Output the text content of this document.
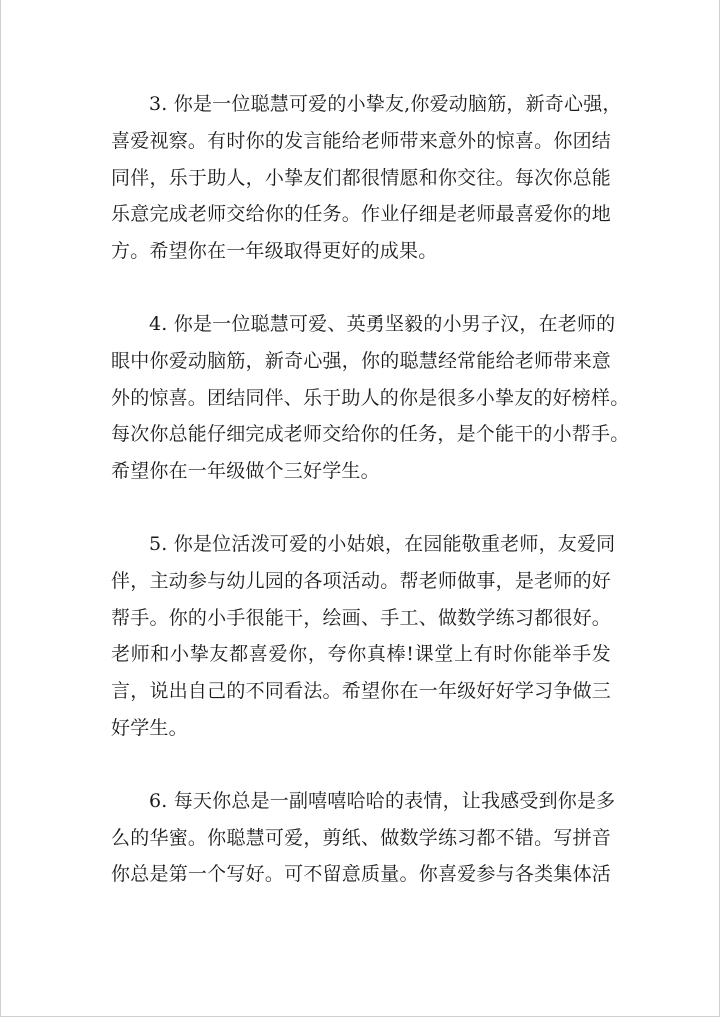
3. 你是一位聪慧可爱的小挚友,你爱动脑筋，新奇心强，
喜爱视察。有时你的发言能给老师带来意外的惊喜。你团结
同伴，乐于助人，小挚友们都很情愿和你交往。每次你总能
乐意完成老师交给你的任务。作业仔细是老师最喜爱你的地
方。希望你在一年级取得更好的成果。
4. 你是一位聪慧可爱、英勇坚毅的小男子汉，在老师的
眼中你爱动脑筋，新奇心强，你的聪慧经常能给老师带来意
外的惊喜。团结同伴、乐于助人的你是很多小挚友的好榜样。
每次你总能仔细完成老师交给你的任务，是个能干的小帮手。
希望你在一年级做个三好学生。
5. 你是位活泼可爱的小姑娘，在园能敬重老师，友爱同
伴，主动参与幼儿园的各项活动。帮老师做事，是老师的好
帮手。你的小手很能干，绘画、手工、做数学练习都很好。
老师和小挚友都喜爱你，夸你真棒!课堂上有时你能举手发
言，说出自己的不同看法。希望你在一年级好好学习争做三
好学生。
6. 每天你总是一副嘻嘻哈哈的表情，让我感受到你是多
么的华蜜。你聪慧可爱，剪纸、做数学练习都不错。写拼音
你总是第一个写好。可不留意质量。你喜爱参与各类集体活
